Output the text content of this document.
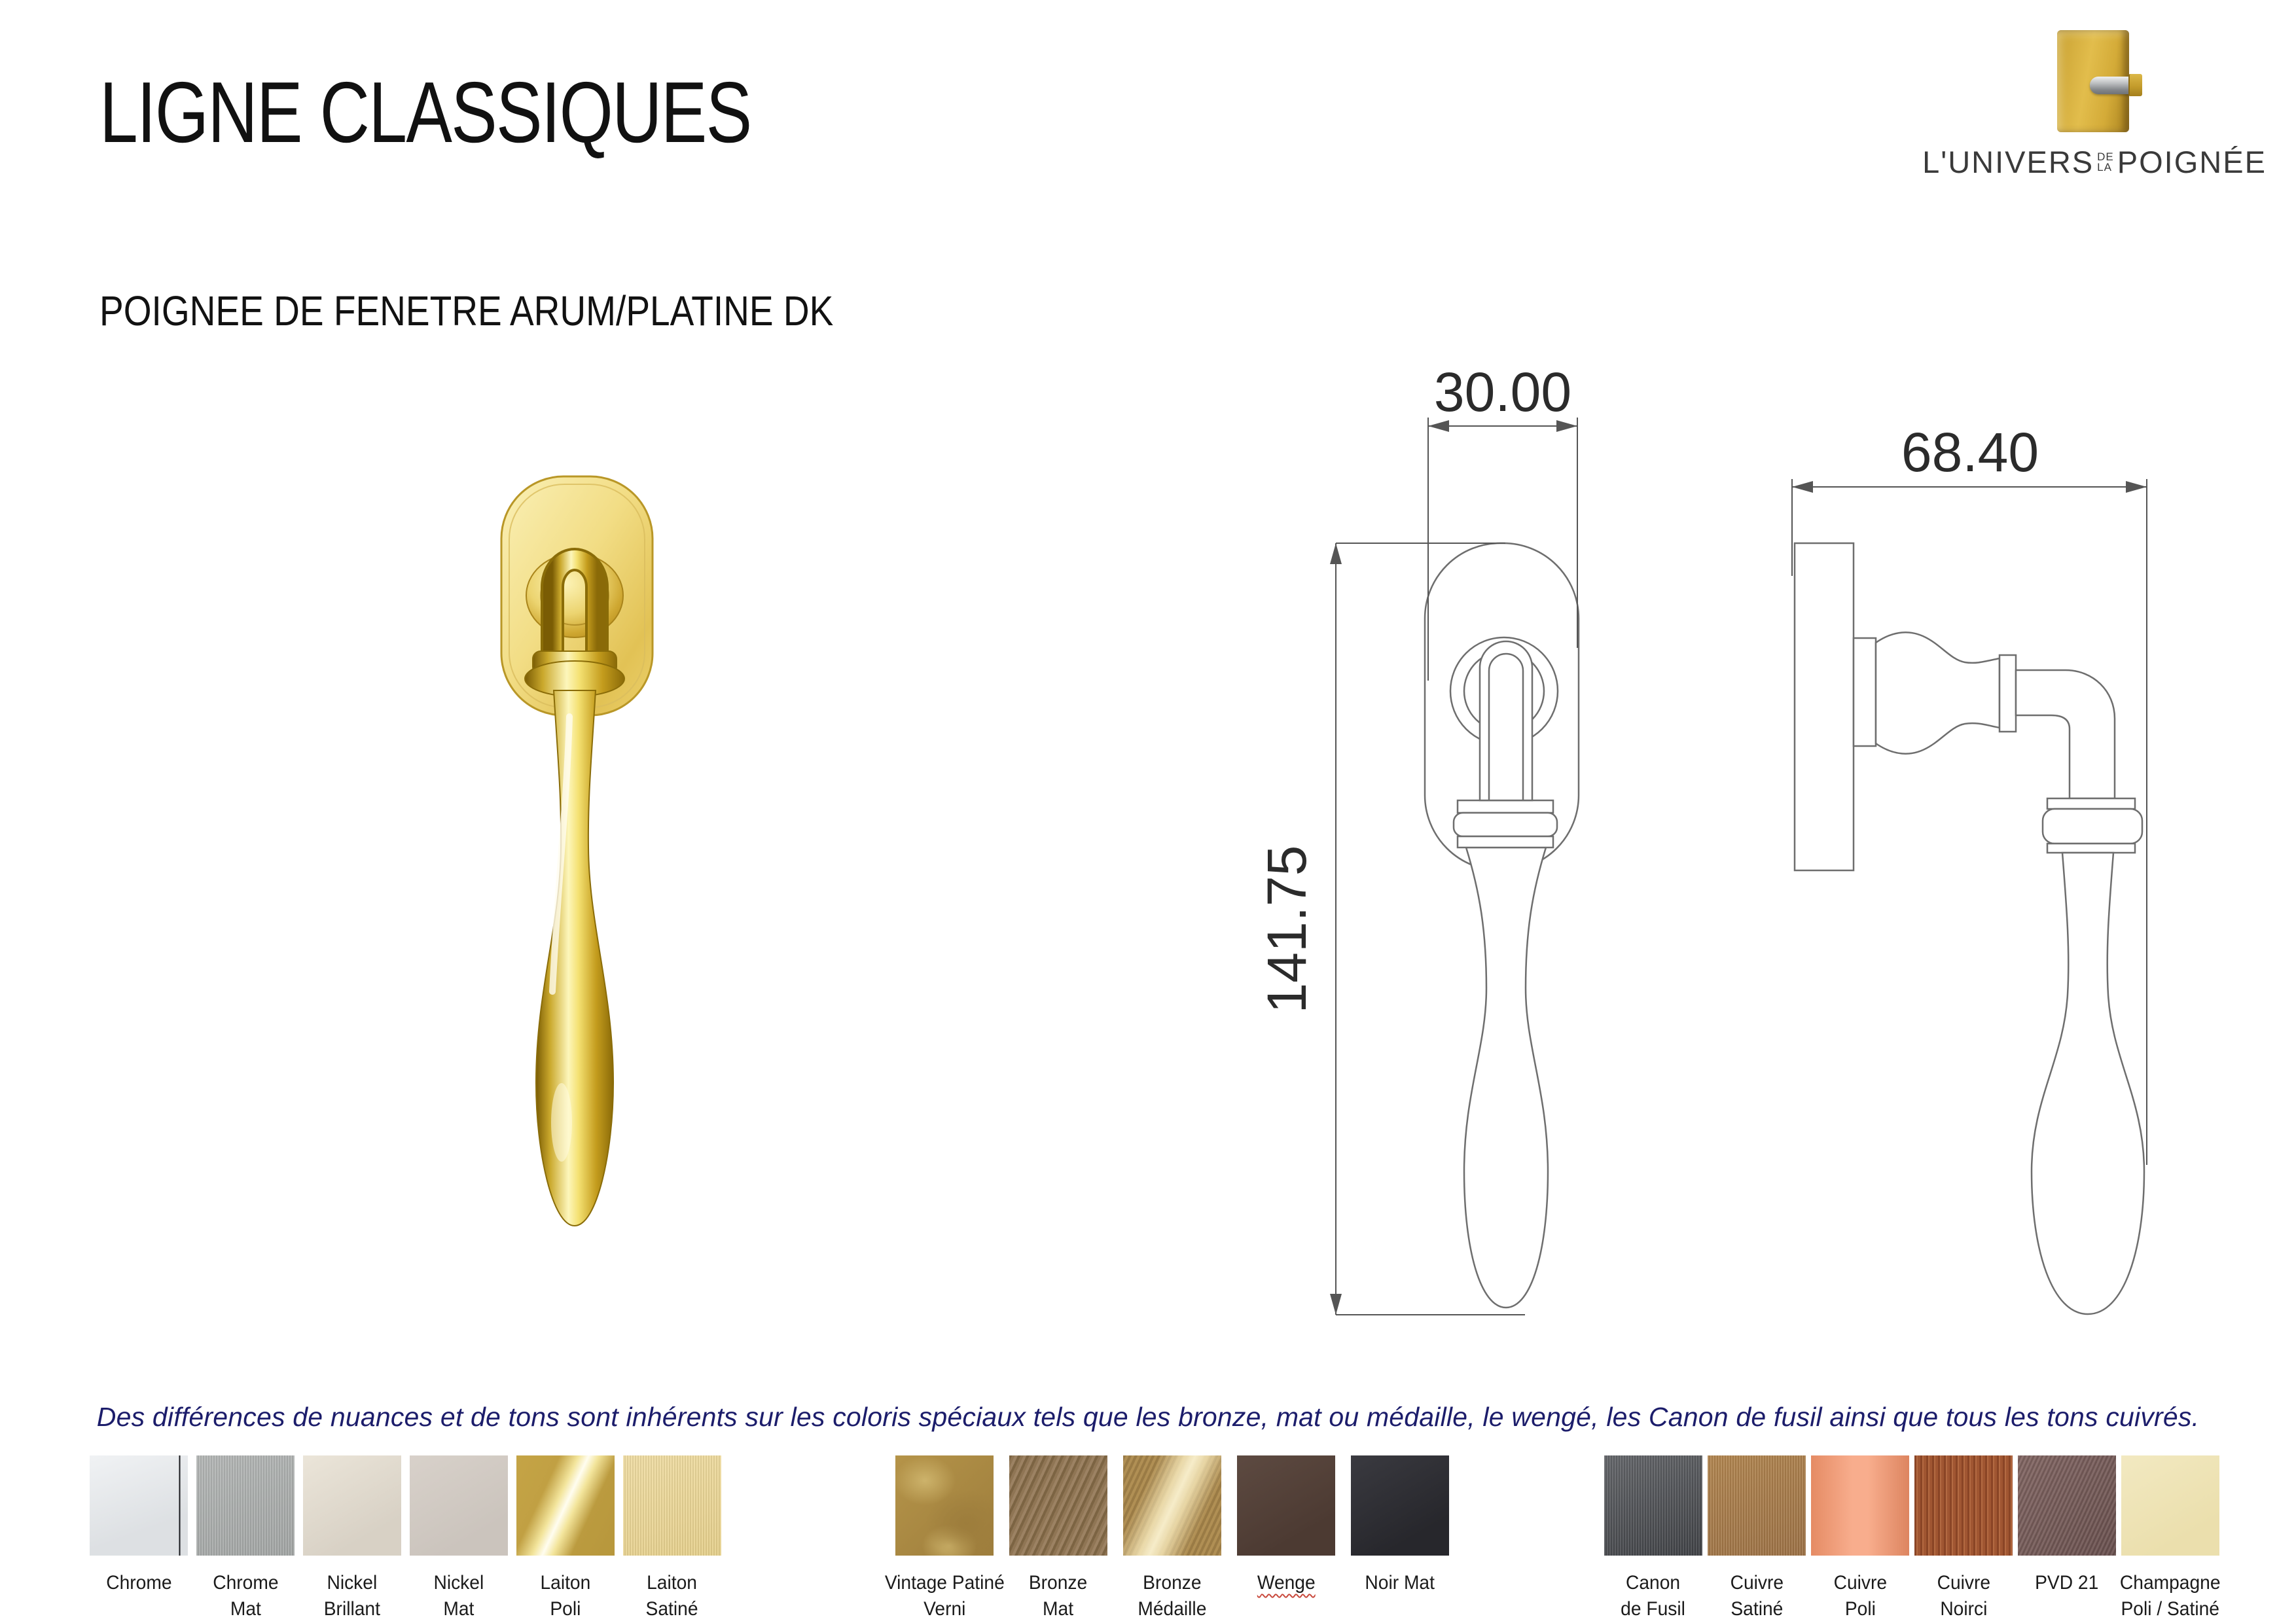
LIGNE CLASSIQUES
POIGNEE DE FENETRE ARUM/PLATINE DK
L'UNIVERS DE
LA POIGNÉE
30.00
141.75
68.40
Des différences de nuances et de tons sont inhérents sur les coloris spéciaux tels que les bronze, mat ou médaille, le wengé, les Canon de fusil ainsi que tous les tons cuivrés.
Chrome Chrome
Mat
Nickel
Brillant
Nickel
Mat
Laiton
Poli
Laiton
Satiné
Vintage Patiné
Verni
Bronze
Mat
Bronze
Médaille
Wenge	Noir Mat	Canon
de Fusil
Cuivre
Satiné
Cuivre
Poli
Cuivre
Noirci
PVD 21 Champagne
Poli / Satiné
